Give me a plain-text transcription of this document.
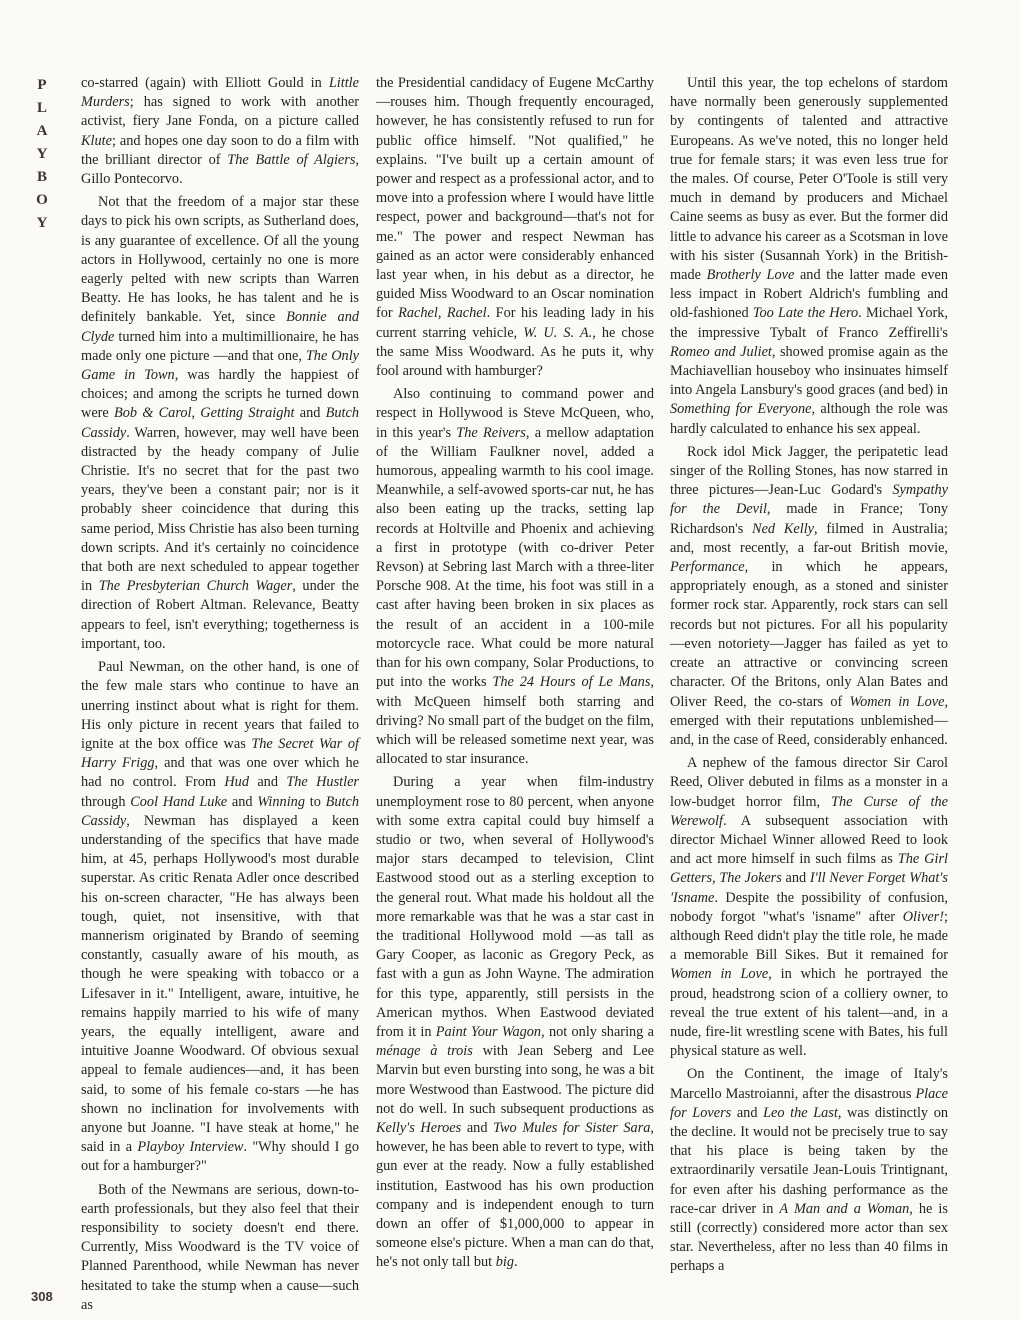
P
L
A
Y
B
O
Y

co-starred (again) with Elliott Gould in Little Murders; has signed to work with another activist, fiery Jane Fonda, on a picture called Klute; and hopes one day soon to do a film with the brilliant director of The Battle of Algiers, Gillo Pontecorvo.

Not that the freedom of a major star these days to pick his own scripts, as Sutherland does, is any guarantee of excellence. Of all the young actors in Hollywood, certainly no one is more eagerly pelted with new scripts than Warren Beatty. He has looks, he has talent and he is definitely bankable. Yet, since Bonnie and Clyde turned him into a multimillionaire, he has made only one picture —and that one, The Only Game in Town, was hardly the happiest of choices; and among the scripts he turned down were Bob & Carol, Getting Straight and Butch Cassidy. Warren, however, may well have been distracted by the heady company of Julie Christie. It's no secret that for the past two years, they've been a constant pair; nor is it probably sheer coincidence that during this same period, Miss Christie has also been turning down scripts. And it's certainly no coincidence that both are next scheduled to appear together in The Presbyterian Church Wager, under the direction of Robert Altman. Relevance, Beatty appears to feel, isn't everything; togetherness is important, too.

Paul Newman, on the other hand, is one of the few male stars who continue to have an unerring instinct about what is right for them. His only picture in recent years that failed to ignite at the box office was The Secret War of Harry Frigg, and that was one over which he had no control. From Hud and The Hustler through Cool Hand Luke and Winning to Butch Cassidy, Newman has displayed a keen understanding of the specifics that have made him, at 45, perhaps Hollywood's most durable superstar. As critic Renata Adler once described his on-screen character, "He has always been tough, quiet, not insensitive, with that mannerism originated by Brando of seeming constantly, casually aware of his mouth, as though he were speaking with tobacco or a Lifesaver in it." Intelligent, aware, intuitive, he remains happily married to his wife of many years, the equally intelligent, aware and intuitive Joanne Woodward. Of obvious sexual appeal to female audiences—and, it has been said, to some of his female co-stars —he has shown no inclination for involvements with anyone but Joanne. "I have steak at home," he said in a Playboy Interview. "Why should I go out for a hamburger?"

Both of the Newmans are serious, down-to-earth professionals, but they also feel that their responsibility to society doesn't end there. Currently, Miss Woodward is the TV voice of Planned Parenthood, while Newman has never hesitated to take the stump when a cause—such as

the Presidential candidacy of Eugene McCarthy—rouses him. Though frequently encouraged, however, he has consistently refused to run for public office himself. "Not qualified," he explains. "I've built up a certain amount of power and respect as a professional actor, and to move into a profession where I would have little respect, power and background—that's not for me." The power and respect Newman has gained as an actor were considerably enhanced last year when, in his debut as a director, he guided Miss Woodward to an Oscar nomination for Rachel, Rachel. For his leading lady in his current starring vehicle, W. U. S. A., he chose the same Miss Woodward. As he puts it, why fool around with hamburger?

Also continuing to command power and respect in Hollywood is Steve McQueen, who, in this year's The Reivers, a mellow adaptation of the William Faulkner novel, added a humorous, appealing warmth to his cool image. Meanwhile, a self-avowed sports-car nut, he has also been eating up the tracks, setting lap records at Holtville and Phoenix and achieving a first in prototype (with co-driver Peter Revson) at Sebring last March with a three-liter Porsche 908. At the time, his foot was still in a cast after having been broken in six places as the result of an accident in a 100-mile motorcycle race. What could be more natural than for his own company, Solar Productions, to put into the works The 24 Hours of Le Mans, with McQueen himself both starring and driving? No small part of the budget on the film, which will be released sometime next year, was allocated to star insurance.

During a year when film-industry unemployment rose to 80 percent, when anyone with some extra capital could buy himself a studio or two, when several of Hollywood's major stars decamped to television, Clint Eastwood stood out as a sterling exception to the general rout. What made his holdout all the more remarkable was that he was a star cast in the traditional Hollywood mold —as tall as Gary Cooper, as laconic as Gregory Peck, as fast with a gun as John Wayne. The admiration for this type, apparently, still persists in the American mythos. When Eastwood deviated from it in Paint Your Wagon, not only sharing a ménage à trois with Jean Seberg and Lee Marvin but even bursting into song, he was a bit more Westwood than Eastwood. The picture did not do well. In such subsequent productions as Kelly's Heroes and Two Mules for Sister Sara, however, he has been able to revert to type, with gun ever at the ready. Now a fully established institution, Eastwood has his own production company and is independent enough to turn down an offer of $1,000,000 to appear in someone else's picture. When a man can do that, he's not only tall but big.

Until this year, the top echelons of stardom have normally been generously supplemented by contingents of talented and attractive Europeans. As we've noted, this no longer held true for female stars; it was even less true for the males. Of course, Peter O'Toole is still very much in demand by producers and Michael Caine seems as busy as ever. But the former did little to advance his career as a Scotsman in love with his sister (Susannah York) in the British-made Brotherly Love and the latter made even less impact in Robert Aldrich's fumbling and old-fashioned Too Late the Hero. Michael York, the impressive Tybalt of Franco Zeffirelli's Romeo and Juliet, showed promise again as the Machiavellian houseboy who insinuates himself into Angela Lansbury's good graces (and bed) in Something for Everyone, although the role was hardly calculated to enhance his sex appeal.

Rock idol Mick Jagger, the peripatetic lead singer of the Rolling Stones, has now starred in three pictures—Jean-Luc Godard's Sympathy for the Devil, made in France; Tony Richardson's Ned Kelly, filmed in Australia; and, most recently, a far-out British movie, Performance, in which he appears, appropriately enough, as a stoned and sinister former rock star. Apparently, rock stars can sell records but not pictures. For all his popularity —even notoriety—Jagger has failed as yet to create an attractive or convincing screen character. Of the Britons, only Alan Bates and Oliver Reed, the co-stars of Women in Love, emerged with their reputations unblemished—and, in the case of Reed, considerably enhanced.

A nephew of the famous director Sir Carol Reed, Oliver debuted in films as a monster in a low-budget horror film, The Curse of the Werewolf. A subsequent association with director Michael Winner allowed Reed to look and act more himself in such films as The Girl Getters, The Jokers and I'll Never Forget What's 'Isname. Despite the possibility of confusion, nobody forgot "what's 'isname" after Oliver!; although Reed didn't play the title role, he made a memorable Bill Sikes. But it remained for Women in Love, in which he portrayed the proud, headstrong scion of a colliery owner, to reveal the true extent of his talent—and, in a nude, fire-lit wrestling scene with Bates, his full physical stature as well.

On the Continent, the image of Italy's Marcello Mastroianni, after the disastrous Place for Lovers and Leo the Last, was distinctly on the decline. It would not be precisely true to say that his place is being taken by the extraordinarily versatile Jean-Louis Trintignant, for even after his dashing performance as the race-car driver in A Man and a Woman, he is still (correctly) considered more actor than sex star. Nevertheless, after no less than 40 films in perhaps a

308
